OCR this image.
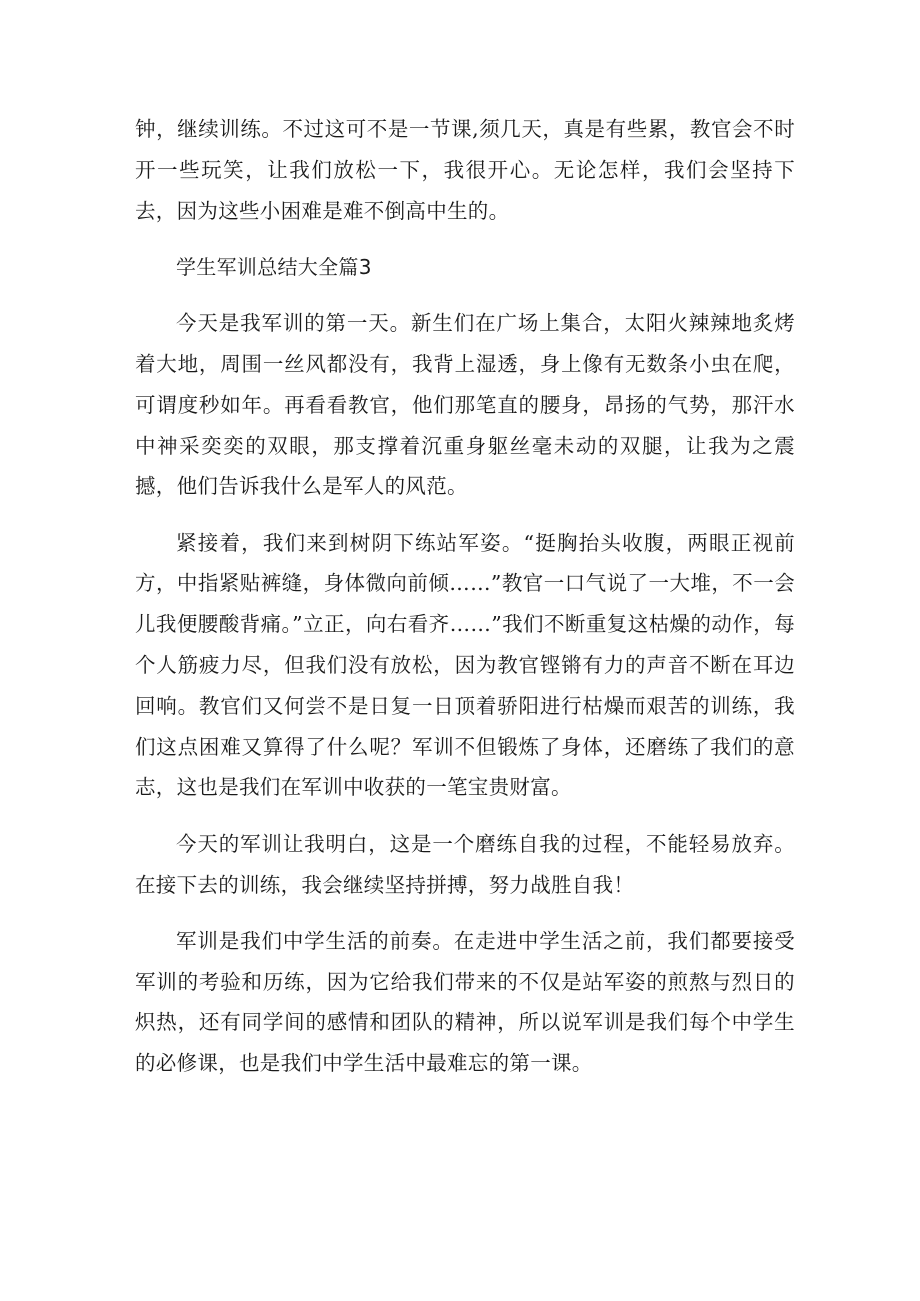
钟，继续训练。不过这可不是一节课,须几天，真是有些累，教官会不时开一些玩笑，让我们放松一下，我很开心。无论怎样，我们会坚持下去，因为这些小困难是难不倒高中生的。

学生军训总结大全篇3

今天是我军训的第一天。新生们在广场上集合，太阳火辣辣地炙烤着大地，周围一丝风都没有，我背上湿透，身上像有无数条小虫在爬，可谓度秒如年。再看看教官，他们那笔直的腰身，昂扬的气势，那汗水中神采奕奕的双眼，那支撑着沉重身躯丝毫未动的双腿，让我为之震撼，他们告诉我什么是军人的风范。

紧接着，我们来到树阴下练站军姿。“挺胸抬头收腹，两眼正视前方，中指紧贴裤缝，身体微向前倾……”教官一口气说了一大堆，不一会儿我便腰酸背痛。”立正，向右看齐……”我们不断重复这枯燥的动作，每个人筋疲力尽，但我们没有放松，因为教官铿锵有力的声音不断在耳边回响。教官们又何尝不是日复一日顶着骄阳进行枯燥而艰苦的训练，我们这点困难又算得了什么呢？军训不但锻炼了身体，还磨练了我们的意志，这也是我们在军训中收获的一笔宝贵财富。

今天的军训让我明白，这是一个磨练自我的过程，不能轻易放弃。在接下去的训练，我会继续坚持拼搏，努力战胜自我！

军训是我们中学生活的前奏。在走进中学生活之前，我们都要接受军训的考验和历练，因为它给我们带来的不仅是站军姿的煎熬与烈日的炽热，还有同学间的感情和团队的精神，所以说军训是我们每个中学生的必修课，也是我们中学生活中最难忘的第一课。
